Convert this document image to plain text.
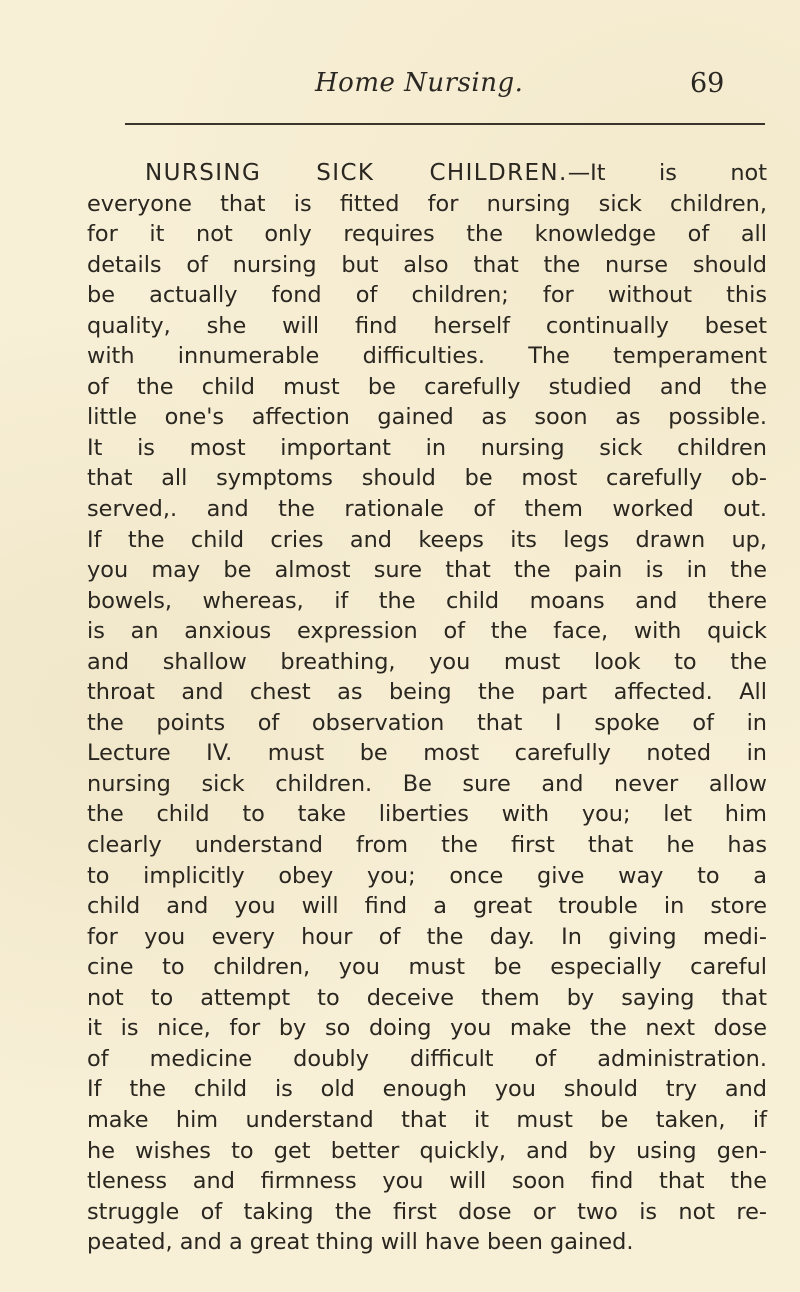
Home Nursing.	69
NURSING SICK CHILDREN.—It is not
everyone that is fitted for nursing sick children,
for it not only requires the knowledge of all
details of nursing but also that the nurse should
be actually fond of children; for without this
quality, she will find herself continually beset
with innumerable difficulties. The temperament
of the child must be carefully studied and the
little one's affection gained as soon as possible.
It is most important in nursing sick children
that all symptoms should be most carefully ob-
served,. and the rationale of them worked out.
If the child cries and keeps its legs drawn up,
you may be almost sure that the pain is in the
bowels, whereas, if the child moans and there
is an anxious expression of the face, with quick
and shallow breathing, you must look to the
throat and chest as being the part affected. All
the points of observation that I spoke of in
Lecture IV. must be most carefully noted in
nursing sick children. Be sure and never allow
the child to take liberties with you; let him
clearly understand from the first that he has
to implicitly obey you; once give way to a
child and you will find a great trouble in store
for you every hour of the day. In giving medi-
cine to children, you must be especially careful
not to attempt to deceive them by saying that
it is nice, for by so doing you make the next dose
of medicine doubly difficult of administration.
If the child is old enough you should try and
make him understand that it must be taken, if
he wishes to get better quickly, and by using gen-
tleness and firmness you will soon find that the
struggle of taking the first dose or two is not re-
peated, and a great thing will have been gained.
